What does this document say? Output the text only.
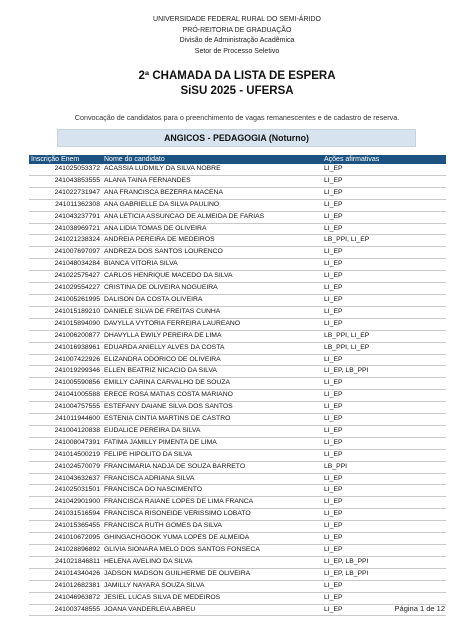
UNIVERSIDADE FEDERAL RURAL DO SEMI-ÁRIDO
PRÓ-REITORIA DE GRADUAÇÃO
Divisão de Administração Acadêmica
Setor de Processo Seletivo
2ª CHAMADA DA LISTA DE ESPERA
SiSU 2025 - UFERSA
Convocação de candidatos para o preenchimento de vagas remanescentes e de cadastro de reserva.
ANGICOS - PEDAGOGIA (Noturno)
Inscrição Enem	Nome do candidato	Ações afirmativas
241025053372	ACASSIA LUDMILY DA SILVA NOBRE	LI_EP
241043853555	ALANA TAINA FERNANDES	LI_EP
241022731947	ANA FRANCISCA BEZERRA MACENA	LI_EP
241011362308	ANA GABRIELLE DA SILVA PAULINO	LI_EP
241043237791	ANA LETICIA ASSUNCAO DE ALMEIDA DE FARIAS	LI_EP
241038969721	ANA LIDIA TOMAS DE OLIVEIRA	LI_EP
241021238324	ANDREIA PEREIRA DE MEDEIROS	LB_PPI, LI_EP
241007697097	ANDREZA DOS SANTOS LOURENCO	LI_EP
241048034284	BIANCA VITORIA SILVA	LI_EP
241022575427	CARLOS HENRIQUE MACEDO DA SILVA	LI_EP
241029554227	CRISTINA DE OLIVEIRA NOGUEIRA	LI_EP
241005261995	DALISON DA COSTA OLIVEIRA	LI_EP
241015189210	DANIELE SILVA DE FREITAS CUNHA	LI_EP
241015894090	DAVYLLA VYTORIA FERREIRA LAUREANO	LI_EP
241006200877	DHAVYLLA EWILY PEREIRA DE LIMA	LB_PPI, LI_EP
241016938961	EDUARDA ANIELLY ALVES DA COSTA	LB_PPI, LI_EP
241007422926	ELIZANDRA ODORICO DE OLIVEIRA	LI_EP
241019299346	ELLEN BEATRIZ NICACIO DA SILVA	LI_EP, LB_PPI
241005590856	EMILLY CARINA CARVALHO DE SOUZA	LI_EP
241041005588	ERECE ROSA MATIAS COSTA MARIANO	LI_EP
241004757555	ESTEFANY DAIANE SILVA DOS SANTOS	LI_EP
241011944600	ESTENIA CINTIA MARTINS DE CASTRO	LI_EP
241004120838	EUDALICE PEREIRA DA SILVA	LI_EP
241008047391	FATIMA JAMILLY PIMENTA DE LIMA	LI_EP
241014500219	FELIPE HIPOLITO DA SILVA	LI_EP
241024570079	FRANCIMARIA NADJA DE SOUZA BARRETO	LB_PPI
241043632637	FRANCISCA ADRIANA SILVA	LI_EP
241025031501	FRANCISCA DO NASCIMENTO	LI_EP
241042901900	FRANCISCA RAIANE LOPES DE LIMA FRANCA	LI_EP
241031516594	FRANCISCA RISONEIDE VERISSIMO LOBATO	LI_EP
241015365455	FRANCISCA RUTH GOMES DA SILVA	LI_EP
241010672095	GHINGACHGOOK YUMA LOPES DE ALMEIDA	LI_EP
241028896892	GLIVIA SIONARA MELO DOS SANTOS FONSECA	LI_EP
241021846811	HELENA AVELINO DA SILVA	LI_EP, LB_PPI
241014340426	JADSON MADSON GUILHERME DE OLIVEIRA	LI_EP, LB_PPI
241012682381	JAMILLY NAYARA SOUZA SILVA	LI_EP
241046963872	JESIEL LUCAS SILVA DE MEDEIROS	LI_EP
241003748555	JOANA VANDERLEIA ABREU	LI_EP	Página 1 de 12
